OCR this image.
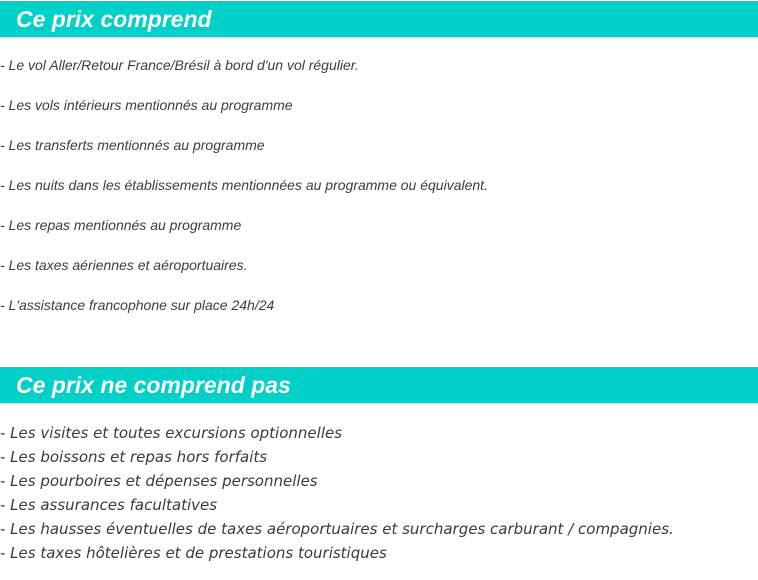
Ce prix comprend
- Le vol Aller/Retour France/Brésil à bord d'un vol régulier.
- Les vols intérieurs mentionnés au programme
- Les transferts mentionnés au programme
- Les nuits dans les établissements mentionnées au programme ou équivalent.
- Les repas mentionnés au programme
- Les taxes aériennes et aéroportuaires.
- L'assistance francophone sur place 24h/24
Ce prix ne comprend pas
- Les visites et toutes excursions optionnelles
- Les boissons et repas hors forfaits
- Les pourboires et dépenses personnelles
- Les assurances facultatives
- Les hausses éventuelles de taxes aéroportuaires et surcharges carburant / compagnies.
- Les taxes hôtelières et de prestations touristiques
